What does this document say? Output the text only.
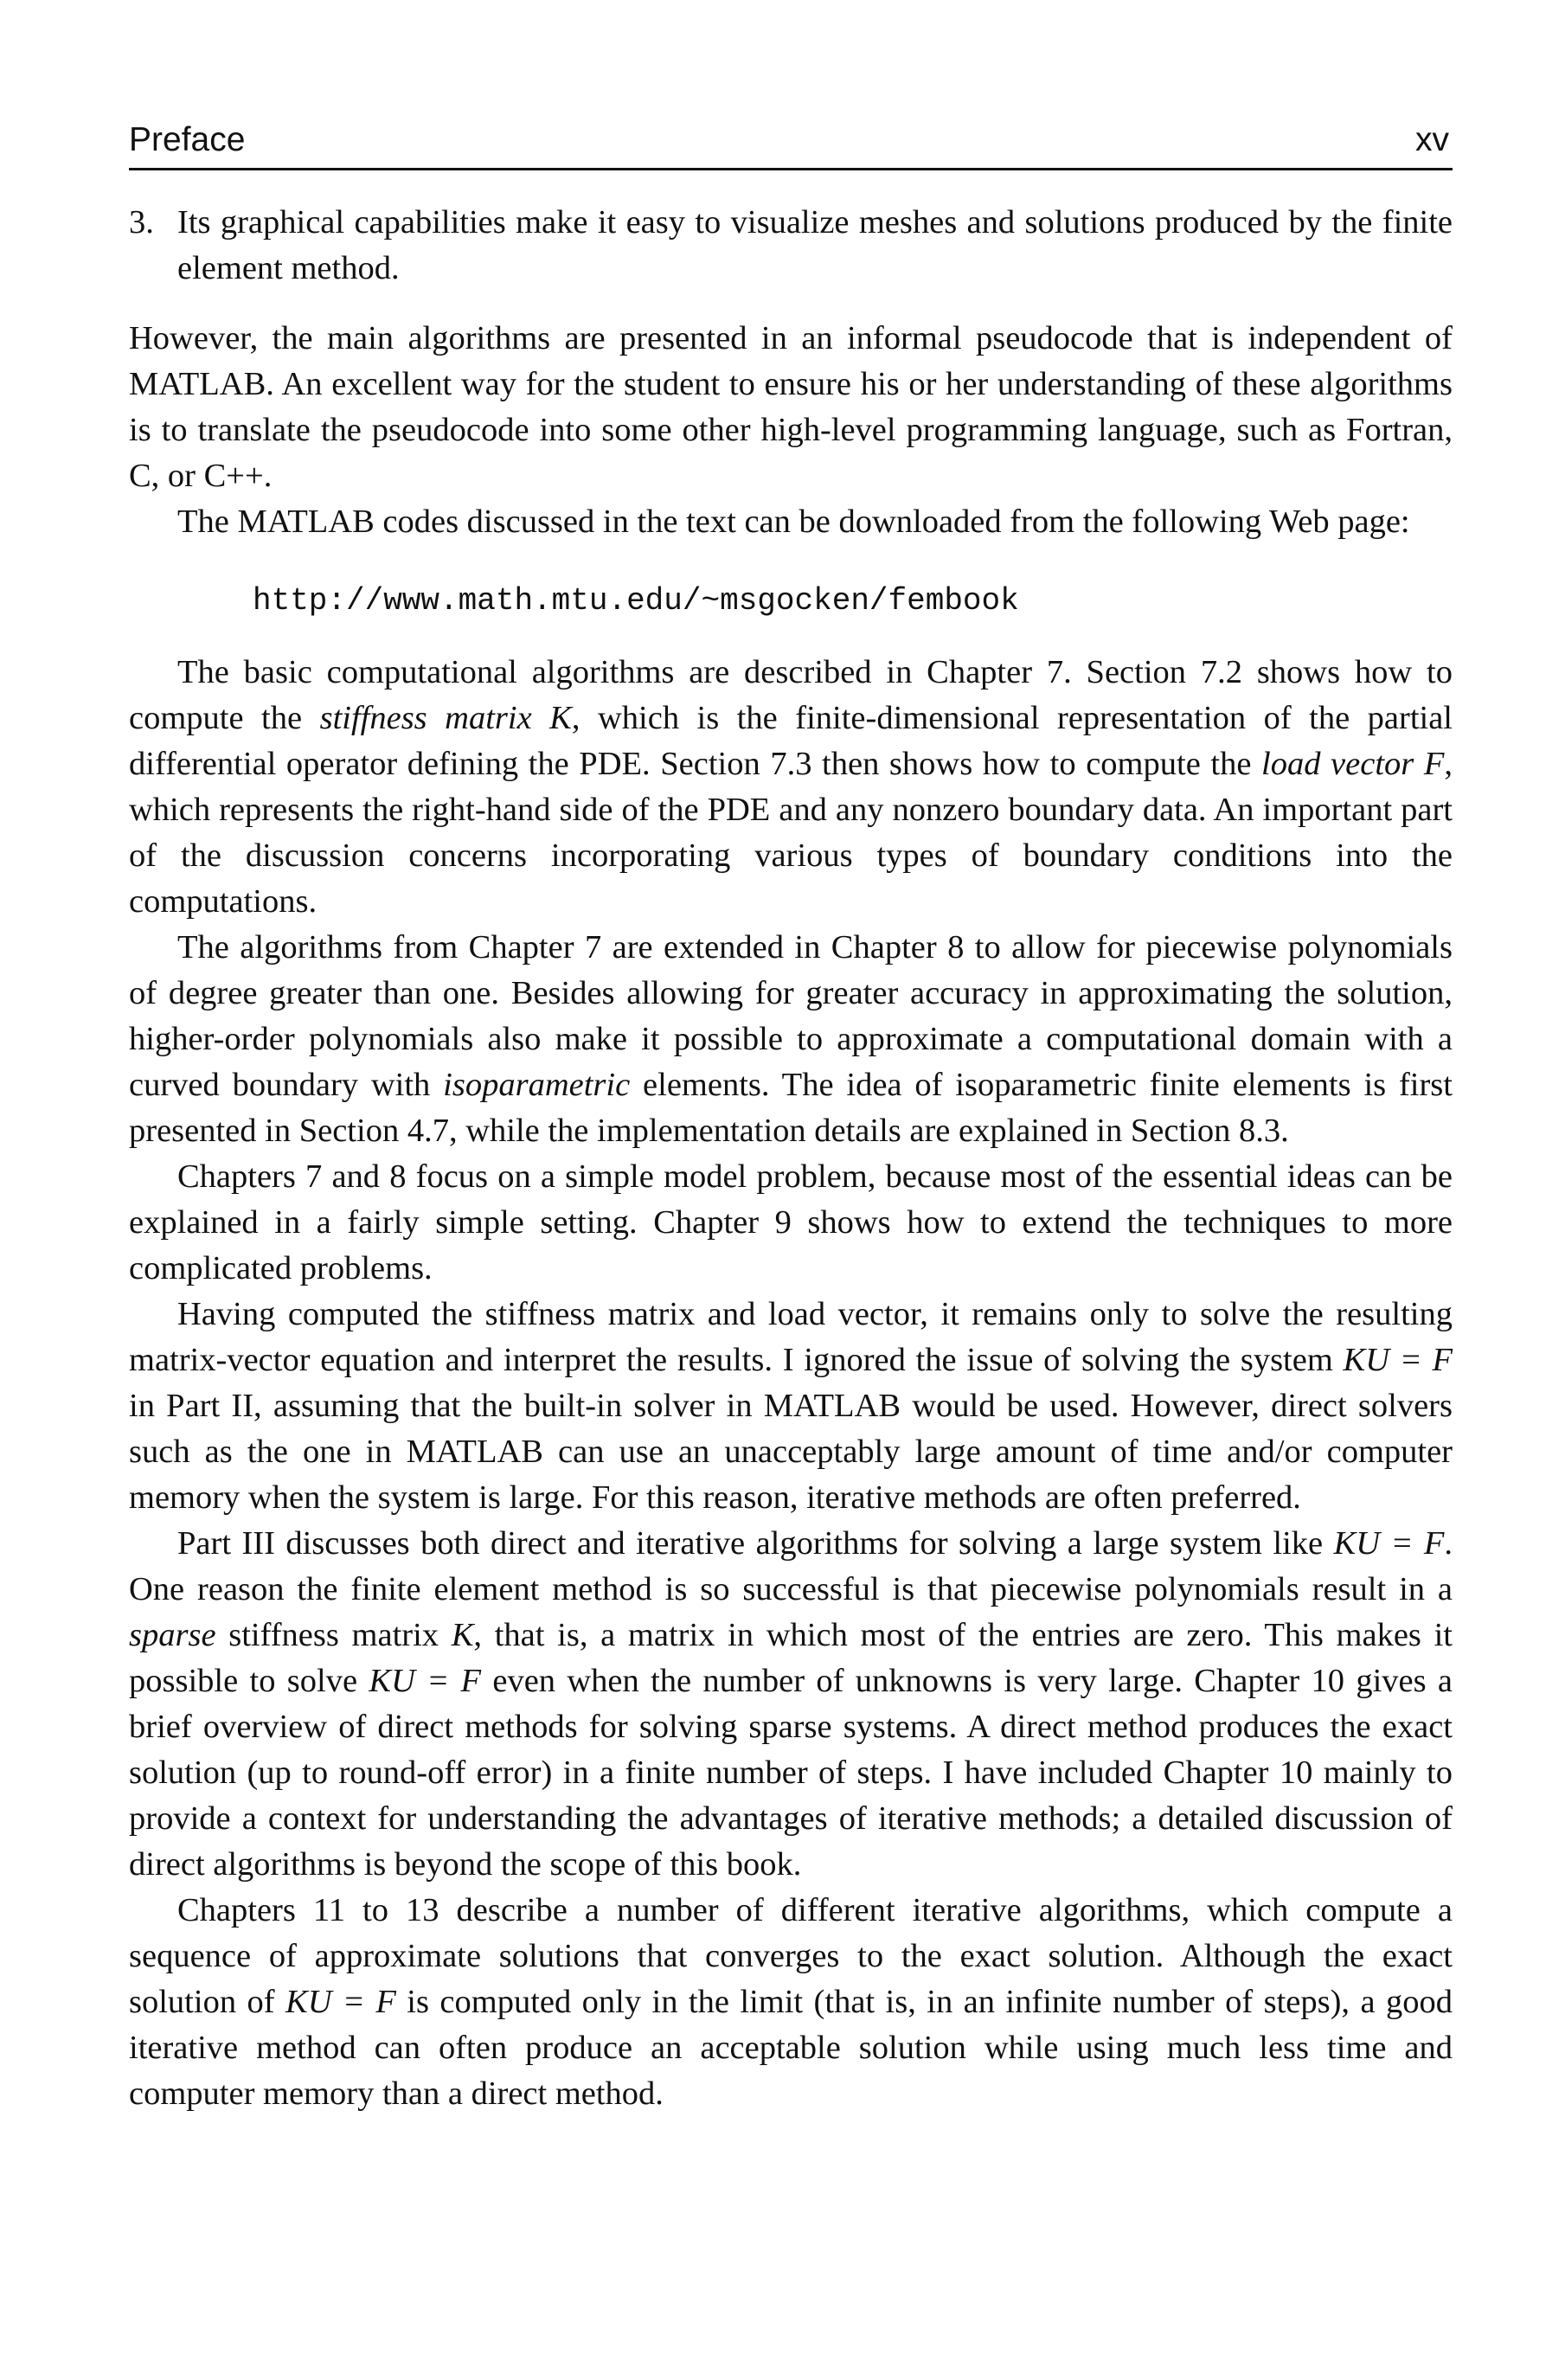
Preface	xv
3. Its graphical capabilities make it easy to visualize meshes and solutions produced by the finite element method.

However, the main algorithms are presented in an informal pseudocode that is independent of MATLAB. An excellent way for the student to ensure his or her understanding of these algorithms is to translate the pseudocode into some other high-level programming language, such as Fortran, C, or C++.

The MATLAB codes discussed in the text can be downloaded from the following Web page:

http://www.math.mtu.edu/~msgocken/fembook

The basic computational algorithms are described in Chapter 7. Section 7.2 shows how to compute the stiffness matrix K, which is the finite-dimensional representation of the partial differential operator defining the PDE. Section 7.3 then shows how to compute the load vector F, which represents the right-hand side of the PDE and any nonzero boundary data. An important part of the discussion concerns incorporating various types of boundary conditions into the computations.

The algorithms from Chapter 7 are extended in Chapter 8 to allow for piecewise polynomials of degree greater than one. Besides allowing for greater accuracy in approximating the solution, higher-order polynomials also make it possible to approximate a computational domain with a curved boundary with isoparametric elements. The idea of isoparametric finite elements is first presented in Section 4.7, while the implementation details are explained in Section 8.3.

Chapters 7 and 8 focus on a simple model problem, because most of the essential ideas can be explained in a fairly simple setting. Chapter 9 shows how to extend the techniques to more complicated problems.

Having computed the stiffness matrix and load vector, it remains only to solve the resulting matrix-vector equation and interpret the results. I ignored the issue of solving the system KU = F in Part II, assuming that the built-in solver in MATLAB would be used. However, direct solvers such as the one in MATLAB can use an unacceptably large amount of time and/or computer memory when the system is large. For this reason, iterative methods are often preferred.

Part III discusses both direct and iterative algorithms for solving a large system like KU = F. One reason the finite element method is so successful is that piecewise polynomials result in a sparse stiffness matrix K, that is, a matrix in which most of the entries are zero. This makes it possible to solve KU = F even when the number of unknowns is very large. Chapter 10 gives a brief overview of direct methods for solving sparse systems. A direct method produces the exact solution (up to round-off error) in a finite number of steps. I have included Chapter 10 mainly to provide a context for understanding the advantages of iterative methods; a detailed discussion of direct algorithms is beyond the scope of this book.

Chapters 11 to 13 describe a number of different iterative algorithms, which compute a sequence of approximate solutions that converges to the exact solution. Although the exact solution of KU = F is computed only in the limit (that is, in an infinite number of steps), a good iterative method can often produce an acceptable solution while using much less time and computer memory than a direct method.
